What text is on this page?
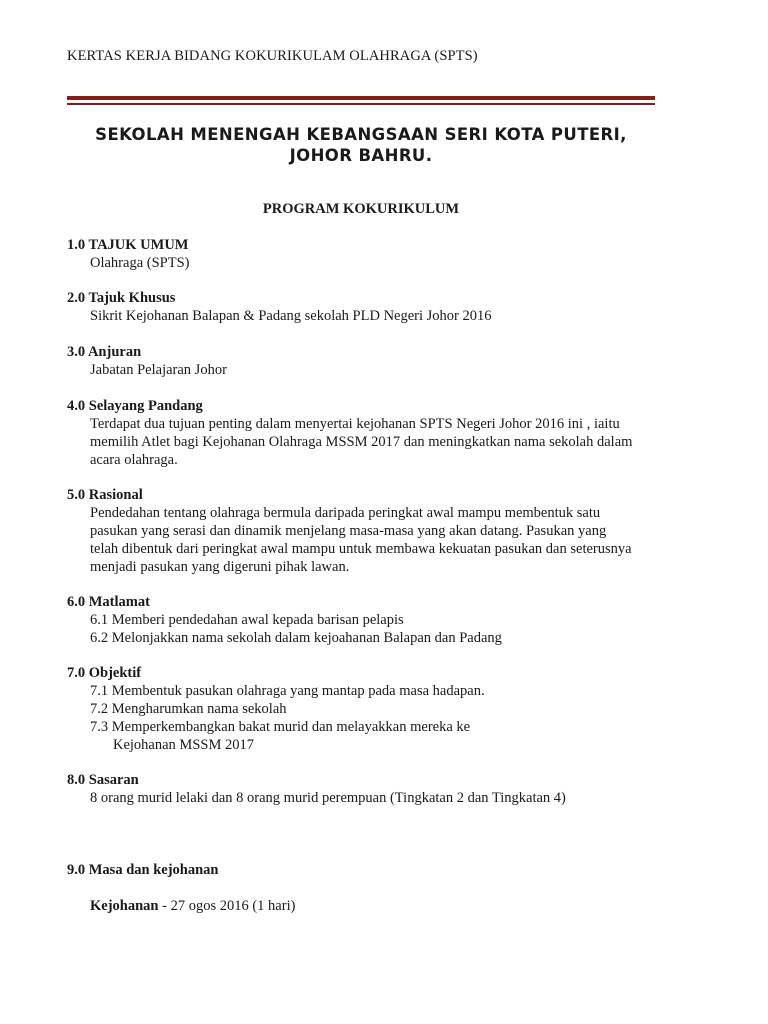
KERTAS KERJA BIDANG KOKURIKULAM OLAHRAGA (SPTS)
SEKOLAH MENENGAH KEBANGSAAN SERI KOTA PUTERI,
JOHOR BAHRU.
PROGRAM KOKURIKULUM
1.0 TAJUK UMUM
Olahraga (SPTS)
2.0 Tajuk Khusus
Sikrit Kejohanan Balapan & Padang sekolah PLD Negeri Johor 2016
3.0 Anjuran
Jabatan Pelajaran Johor
4.0 Selayang Pandang
Terdapat dua tujuan penting dalam menyertai kejohanan SPTS Negeri Johor 2016 ini , iaitu
memilih Atlet bagi Kejohanan Olahraga MSSM 2017 dan meningkatkan nama sekolah dalam
acara olahraga.
5.0 Rasional
Pendedahan tentang olahraga bermula daripada peringkat awal mampu membentuk satu
pasukan yang serasi dan dinamik menjelang masa-masa yang akan datang. Pasukan yang
telah dibentuk dari peringkat awal mampu untuk membawa kekuatan pasukan dan seterusnya
menjadi pasukan yang digeruni pihak lawan.
6.0 Matlamat
6.1 Memberi pendedahan awal kepada barisan pelapis
6.2 Melonjakkan nama sekolah dalam kejoahanan Balapan dan Padang
7.0 Objektif
7.1 Membentuk pasukan olahraga yang mantap pada masa hadapan.
7.2 Mengharumkan nama sekolah
7.3 Memperkembangkan bakat murid dan melayakkan mereka ke
Kejohanan MSSM 2017
8.0 Sasaran
8 orang murid lelaki dan 8 orang murid perempuan (Tingkatan 2 dan Tingkatan 4)
9.0 Masa dan kejohanan
Kejohanan - 27 ogos 2016 (1 hari)
